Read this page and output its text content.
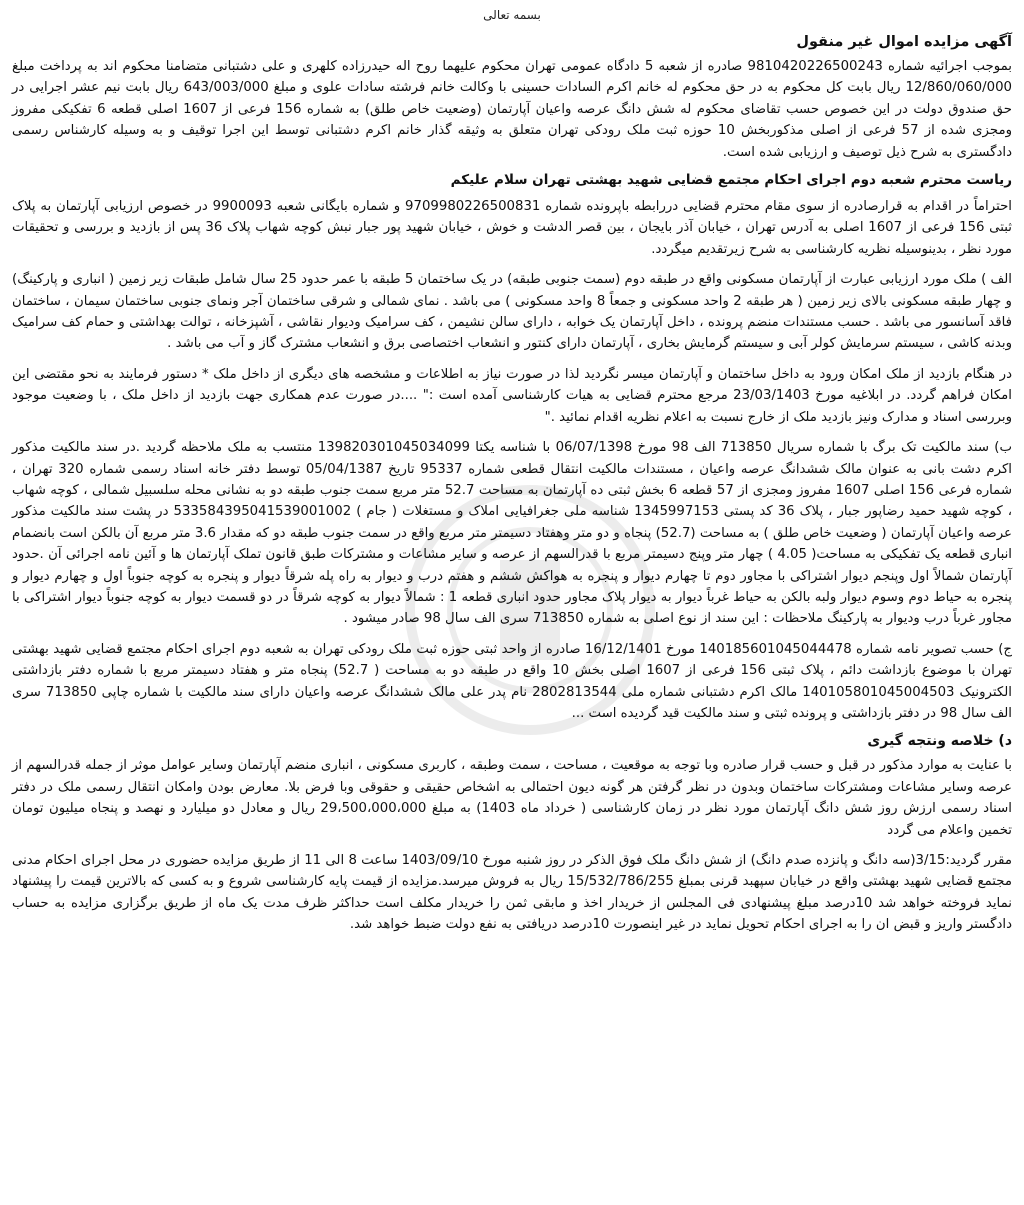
بسمه تعالی
آگهی مزایده اموال غیر منقول

بموجب اجرائیه شماره 9810420226500243 صادره از شعبه 5 دادگاه عمومی تهران محکوم علیهما روح اله حیدرزاده کلهری و علی دشتبانی متضامنا محکوم اند به پرداخت مبلغ 12/860/060/000 ریال بابت کل محکوم به در حق محکوم له خانم اکرم السادات حسینی با وکالت خانم فرشته سادات علوی و مبلغ 643/003/000 ریال بابت نیم عشر اجرایی در حق صندوق دولت در این خصوص حسب تقاضای محکوم له شش دانگ عرصه واعیان آپارتمان (وضعیت خاص طلق) به شماره 156 فرعی از 1607 اصلی قطعه 6 تفکیکی مفروز ومجزی شده از 57 فرعی از اصلی مذکوربخش 10 حوزه ثبت ملک رودکی تهران متعلق به وثیقه گذار خانم اکرم دشتبانی توسط این اجرا توقیف و به وسیله کارشناس رسمی دادگستری به شرح ذیل توصیف و ارزیابی شده است.

ریاست محترم شعبه دوم اجرای احکام مجتمع قضایی شهید بهشتی تهران سلام علیکم

احتراماً در اقدام به قرارصادره از سوی مقام محترم قضایی دررابطه باپرونده شماره 9709980226500831 و شماره بایگانی شعبه 9900093 در خصوص ارزیابی آپارتمان به پلاک ثبتی 156 فرعی از 1607 اصلی به آدرس تهران ، خیابان آذر بایجان ، بین قصر الدشت و خوش ، خیابان شهید پور جبار نبش کوچه شهاب پلاک 36 پس از بازدید و بررسی و تحقیقات مورد نظر ، بدینوسیله نظریه کارشناسی به شرح زیرتقدیم میگردد.

الف ) ملک مورد ارزیابی عبارت از آپارتمان مسکونی واقع در طبقه دوم (سمت جنوبی طبقه) در یک ساختمان 5 طبقه با عمر حدود 25 سال شامل طبقات زیر زمین ( انباری و پارکینگ) و چهار طبقه مسکونی بالای زیر زمین ( هر طبقه 2 واحد مسکونی و جمعاً 8 واحد مسکونی ) می باشد . نمای شمالی و شرقی ساختمان آجر ونمای جنوبی ساختمان سیمان ، ساختمان فاقد آسانسور می باشد . حسب مستندات منضم پرونده ، داخل آپارتمان یک خوابه ، دارای سالن نشیمن ، کف سرامیک ودیوار نقاشی ، آشپزخانه ، توالت بهداشتی و حمام کف سرامیک وبدنه کاشی ، سیستم سرمایش کولر آبی و سیستم گرمایش بخاری ، آپارتمان دارای کنتور و انشعاب اختصاصی برق و انشعاب مشترک گاز و آب می باشد .

در هنگام بازدید از ملک امکان ورود به داخل ساختمان و آپارتمان میسر نگردید لذا در صورت نیاز به اطلاعات و مشخصه های دیگری از داخل ملک * دستور فرمایند به نحو مقتضی این امکان فراهم گردد. در ابلاغیه مورخ 23/03/1403 مرجع محترم قضایی به هیات کارشناسی آمده است :" ....در صورت عدم همکاری جهت بازدید از داخل ملک ، با وضعیت موجود وبررسی اسناد و مدارک ونیز بازدید ملک از خارج نسبت به اعلام نظریه اقدام نمائید ."

ب) سند مالکیت تک برگ با شماره سریال 713850 الف 98 مورخ 06/07/1398 با شناسه یکتا 139820301045034099 منتسب به ملک ملاحظه گردید .در سند مالکیت مذکور اکرم دشت بانی به عنوان مالک ششدانگ عرصه واعیان ، مستندات مالکیت انتقال قطعی شماره 95337 تاریخ 05/04/1387 توسط دفتر خانه اسناد رسمی شماره 320 تهران ، شماره فرعی 156 اصلی 1607 مفروز ومجزی از 57 قطعه 6 بخش ثبتی ده آپارتمان به مساحت 52.7 متر مربع سمت جنوب طبقه دو به نشانی محله سلسبیل شمالی ، کوچه شهاب ، کوچه شهید حمید رضاپور جبار ، پلاک 36 کد پستی 1345997153 شناسه ملی جغرافیایی املاک و مستغلات ( جام ) 533584395041539001002 در پشت سند مالکیت مذکور عرصه واعیان آپارتمان ( وضعیت خاص طلق ) به مساحت (52.7) پنجاه و دو متر وهفتاد دسیمتر متر مربع واقع در سمت جنوب طبقه دو که مقدار 3.6 متر مربع آن بالکن است بانضمام انباری قطعه یک تفکیکی به مساحت( 4.05 ) چهار متر وپنج دسیمتر مربع با قدرالسهم از عرصه و سایر مشاعات و مشترکات طبق قانون تملک آپارتمان ها و آئین نامه اجرائی آن .حدود آپارتمان شمالاً اول وپنجم دیوار اشتراکی با مجاور دوم تا چهارم دیوار و پنجره به هواکش ششم و هفتم درب و دیوار به راه پله شرقاً دیوار و پنجره به کوچه جنوباً اول و چهارم دیوار و پنجره به حیاط دوم وسوم دیوار ولبه بالکن به حیاط غرباً دیوار به دیوار پلاک مجاور حدود انباری قطعه 1 : شمالاً دیوار به کوچه شرقاً در دو قسمت دیوار به کوچه جنوباً دیوار اشتراکی با مجاور غرباً درب ودیوار به پارکینگ ملاحظات : این سند از نوع اصلی به شماره 713850 سری الف سال 98 صادر میشود .

ج) حسب تصویر نامه شماره 140185601045044478 مورخ 16/12/1401 صادره از واحد ثبتی حوزه ثبت ملک رودکی تهران به شعبه دوم اجرای احکام مجتمع قضایی شهید بهشتی تهران با موضوع بازداشت دائم ، پلاک ثبتی 156 فرعی از 1607 اصلی بخش 10 واقع در طبقه دو به مساحت ( 52.7) پنجاه متر و هفتاد دسیمتر مربع با شماره دفتر بازداشتی الکترونیک 140105801045004503 مالک اکرم دشتبانی شماره ملی 2802813544 نام پدر علی مالک ششدانگ عرصه واعیان دارای سند مالکیت با شماره چاپی 713850 سری الف سال 98 در دفتر بازداشتی و پرونده ثبتی و سند مالکیت قید گردیده است ...

د) خلاصه ونتجه گیری

با عنایت به موارد مذکور در قبل و حسب قرار صادره وبا توجه به موقعیت ، مساحت ، سمت وطبقه ، کاربری مسکونی ، انباری منضم آپارتمان وسایر عوامل موثر از جمله قدرالسهم از عرصه وسایر مشاعات ومشترکات ساختمان وبدون در نظر گرفتن هر گونه دیون احتمالی به اشخاص حقیقی و حقوقی وبا فرض بلا. معارض بودن وامکان انتقال رسمی ملک در دفتر اسناد رسمی ارزش روز شش دانگ آپارتمان مورد نظر در زمان کارشناسی ( خرداد ماه 1403) به مبلغ 29،500،000،000 ریال و معادل دو میلیارد و نهصد و پنجاه میلیون تومان تخمین واعلام می گردد

مقرر گردید:3/15(سه دانگ و پانزده صدم دانگ) از شش دانگ ملک فوق الذکر در روز شنبه مورخ 1403/09/10 ساعت 8 الی 11 از طریق مزایده حضوری در محل اجرای احکام مدنی مجتمع قضایی شهید بهشتی واقع در خیابان سپهبد قرنی بمبلغ 15/532/786/255 ریال به فروش میرسد.مزایده از قیمت پایه کارشناسی شروع و به کسی که بالاترین قیمت را پیشنهاد نماید فروخته خواهد شد 10درصد مبلغ پیشنهادی فی المجلس از خریدار اخذ و مابقی ثمن را خریدار مکلف است حداکثر ظرف مدت یک ماه از طریق برگزاری مزایده به حساب دادگستر واریز و قبض ان را به اجرای احکام تحویل نماید در غیر اینصورت 10درصد دریافتی به نفع دولت ضبط خواهد شد.
